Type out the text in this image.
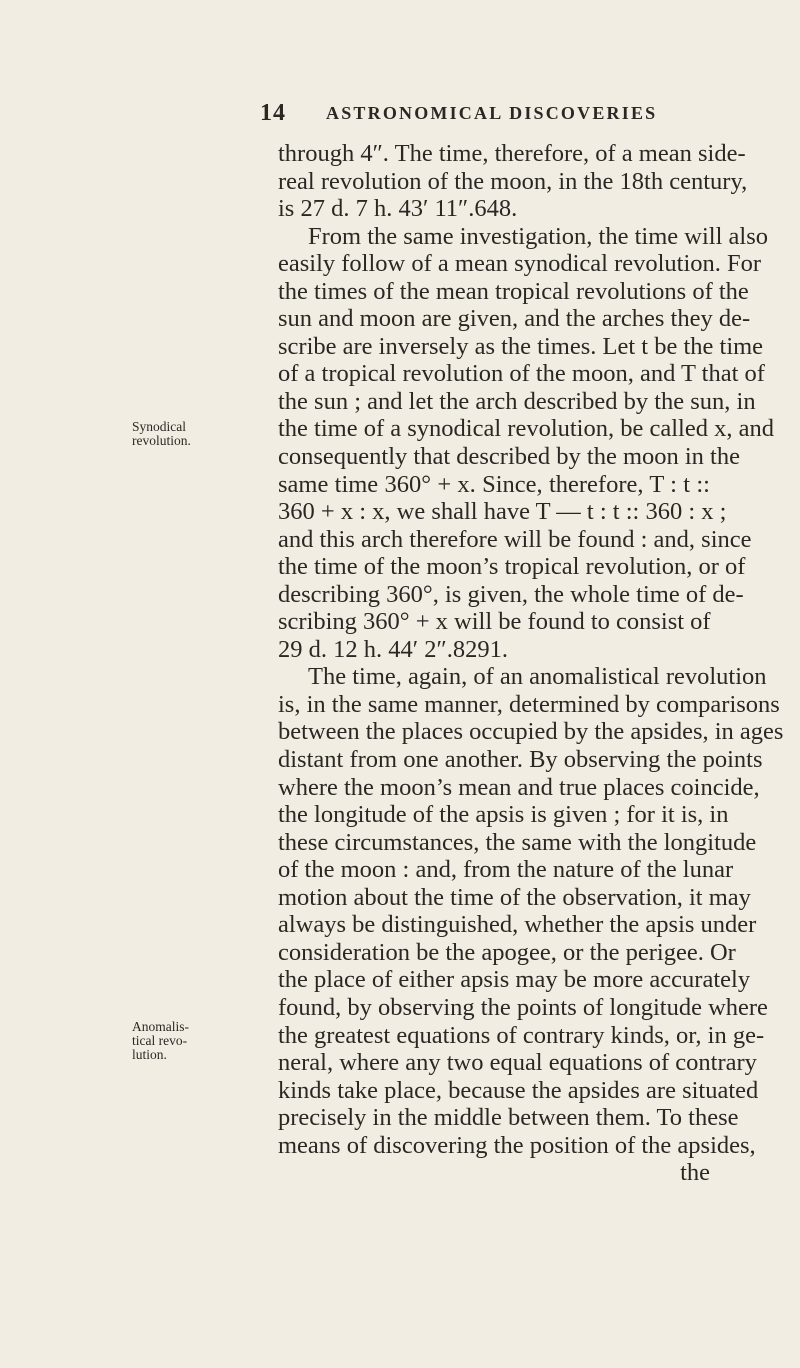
14 ASTRONOMICAL DISCOVERIES
Synodical
revolution.
Anomalis-
tical revo-
lution.
through 4″. The time, therefore, of a mean side-
real revolution of the moon, in the 18th century,
is 27 d. 7 h. 43′ 11″.648.
From the same investigation, the time will also
easily follow of a mean synodical revolution. For
the times of the mean tropical revolutions of the
sun and moon are given, and the arches they de-
scribe are inversely as the times. Let t be the time
of a tropical revolution of the moon, and T that of
the sun ; and let the arch described by the sun, in
the time of a synodical revolution, be called x, and
consequently that described by the moon in the
same time 360° + x. Since, therefore, T : t ::
360 + x : x, we shall have T — t : t :: 360 : x ;
and this arch therefore will be found : and, since
the time of the moon’s tropical revolution, or of
describing 360°, is given, the whole time of de-
scribing 360° + x will be found to consist of
29 d. 12 h. 44′ 2″.8291.
The time, again, of an anomalistical revolution
is, in the same manner, determined by comparisons
between the places occupied by the apsides, in ages
distant from one another. By observing the points
where the moon’s mean and true places coincide,
the longitude of the apsis is given ; for it is, in
these circumstances, the same with the longitude
of the moon : and, from the nature of the lunar
motion about the time of the observation, it may
always be distinguished, whether the apsis under
consideration be the apogee, or the perigee. Or
the place of either apsis may be more accurately
found, by observing the points of longitude where
the greatest equations of contrary kinds, or, in ge-
neral, where any two equal equations of contrary
kinds take place, because the apsides are situated
precisely in the middle between them. To these
means of discovering the position of the apsides,
the
